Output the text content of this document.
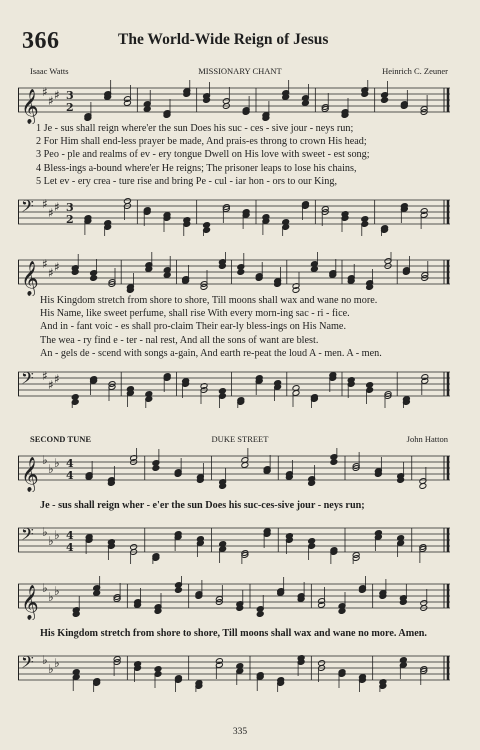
366	The World-Wide Reign of Jesus
Isaac Watts	MISSIONARY CHANT	Heinrich C. Zeuner
𝄞 ♯
♯ ♯ 3
2
1 Je - sus shall reign where'er the sun Does his suc - ces - sive jour - neys run;
2 For Him shall end-less prayer be made, And prais-es throng to crown His head;
3 Peo - ple and realms of ev - ery tongue Dwell on His love with sweet - est song;
4 Bless-ings a-bound where'er He reigns; The prisoner leaps to lose his chains,
5 Let ev - ery crea - ture rise and bring Pe - cul - iar hon - ors to our King,
𝄢 ♯
♯ ♯ 3
2
𝄞 ♯
♯ ♯
His Kingdom stretch from shore to shore, Till moons shall wax and wane no more.
His Name, like sweet perfume, shall rise With every morn-ing sac - ri - fice.
And in - fant voic - es shall pro-claim Their ear-ly bless-ings on His Name.
The wea - ry find e - ter - nal rest, And all the sons of want are blest.
An - gels de - scend with songs a-gain, And earth re-peat the loud A - men. A - men.
𝄢 ♯
♯ ♯
SECOND TUNE	DUKE STREET	John Hatton
𝄞 ♭
♭ ♭ 4
4
Je - sus shall reign wher - e'er the sun Does his suc-ces-sive jour - neys run;
𝄢 ♭
♭ ♭ 4
4
𝄞 ♭
♭ ♭
His Kingdom stretch from shore to shore, Till moons shall wax and wane no more. Amen.
𝄢 ♭
♭ ♭
335
